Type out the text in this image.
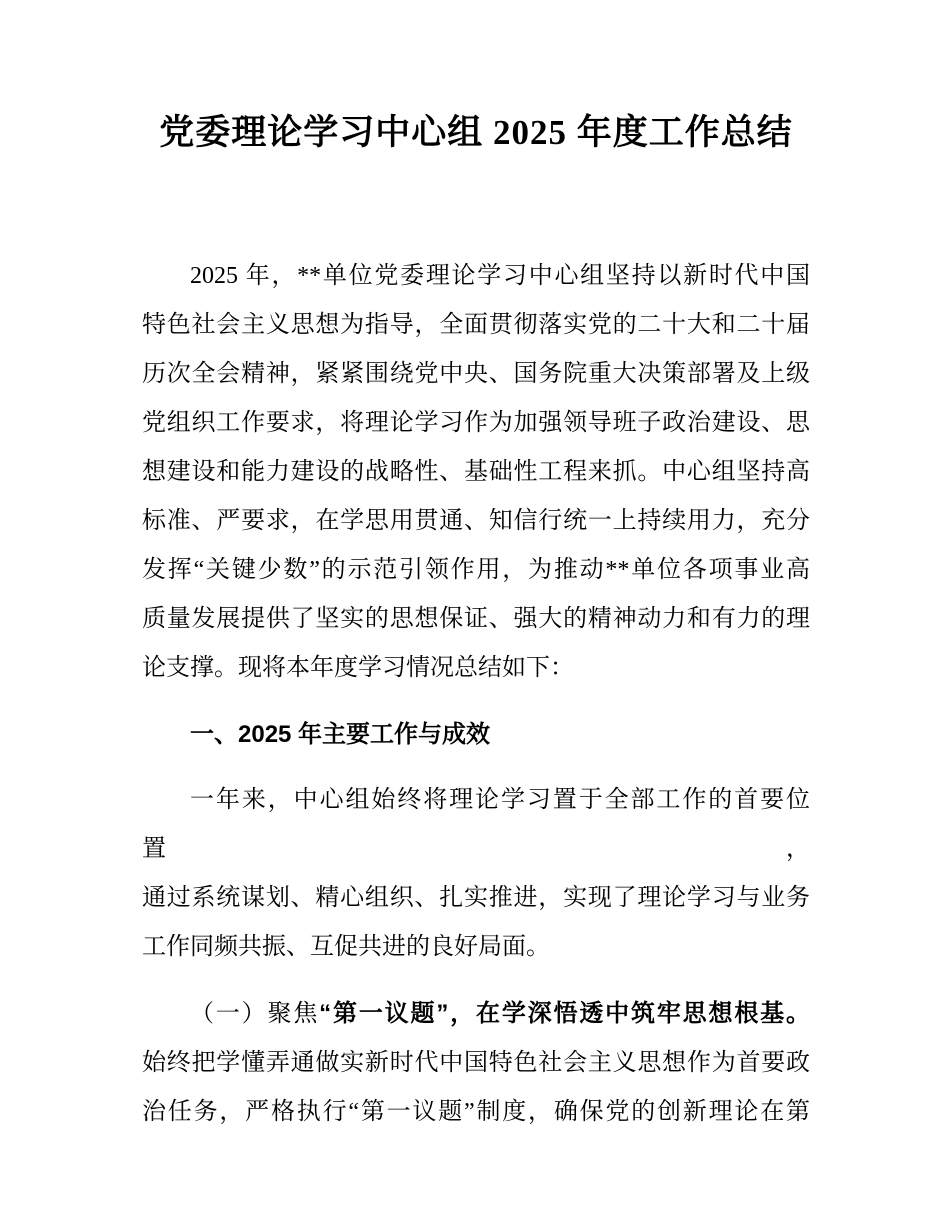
党委理论学习中心组 2025 年度工作总结
2025 年，**单位党委理论学习中心组坚持以新时代中国
特色社会主义思想为指导，全面贯彻落实党的二十大和二十届
历次全会精神，紧紧围绕党中央、国务院重大决策部署及上级
党组织工作要求，将理论学习作为加强领导班子政治建设、思
想建设和能力建设的战略性、基础性工程来抓。中心组坚持高
标准、严要求，在学思用贯通、知信行统一上持续用力，充分
发挥“关键少数”的示范引领作用，为推动**单位各项事业高
质量发展提供了坚实的思想保证、强大的精神动力和有力的理
论支撑。现将本年度学习情况总结如下：
一、2025 年主要工作与成效
一年来，中心组始终将理论学习置于全部工作的首要位置，
通过系统谋划、精心组织、扎实推进，实现了理论学习与业务
工作同频共振、互促共进的良好局面。
（一）聚焦“第一议题”，在学深悟透中筑牢思想根基。
始终把学懂弄通做实新时代中国特色社会主义思想作为首要政
治任务，严格执行“第一议题”制度，确保党的创新理论在第
